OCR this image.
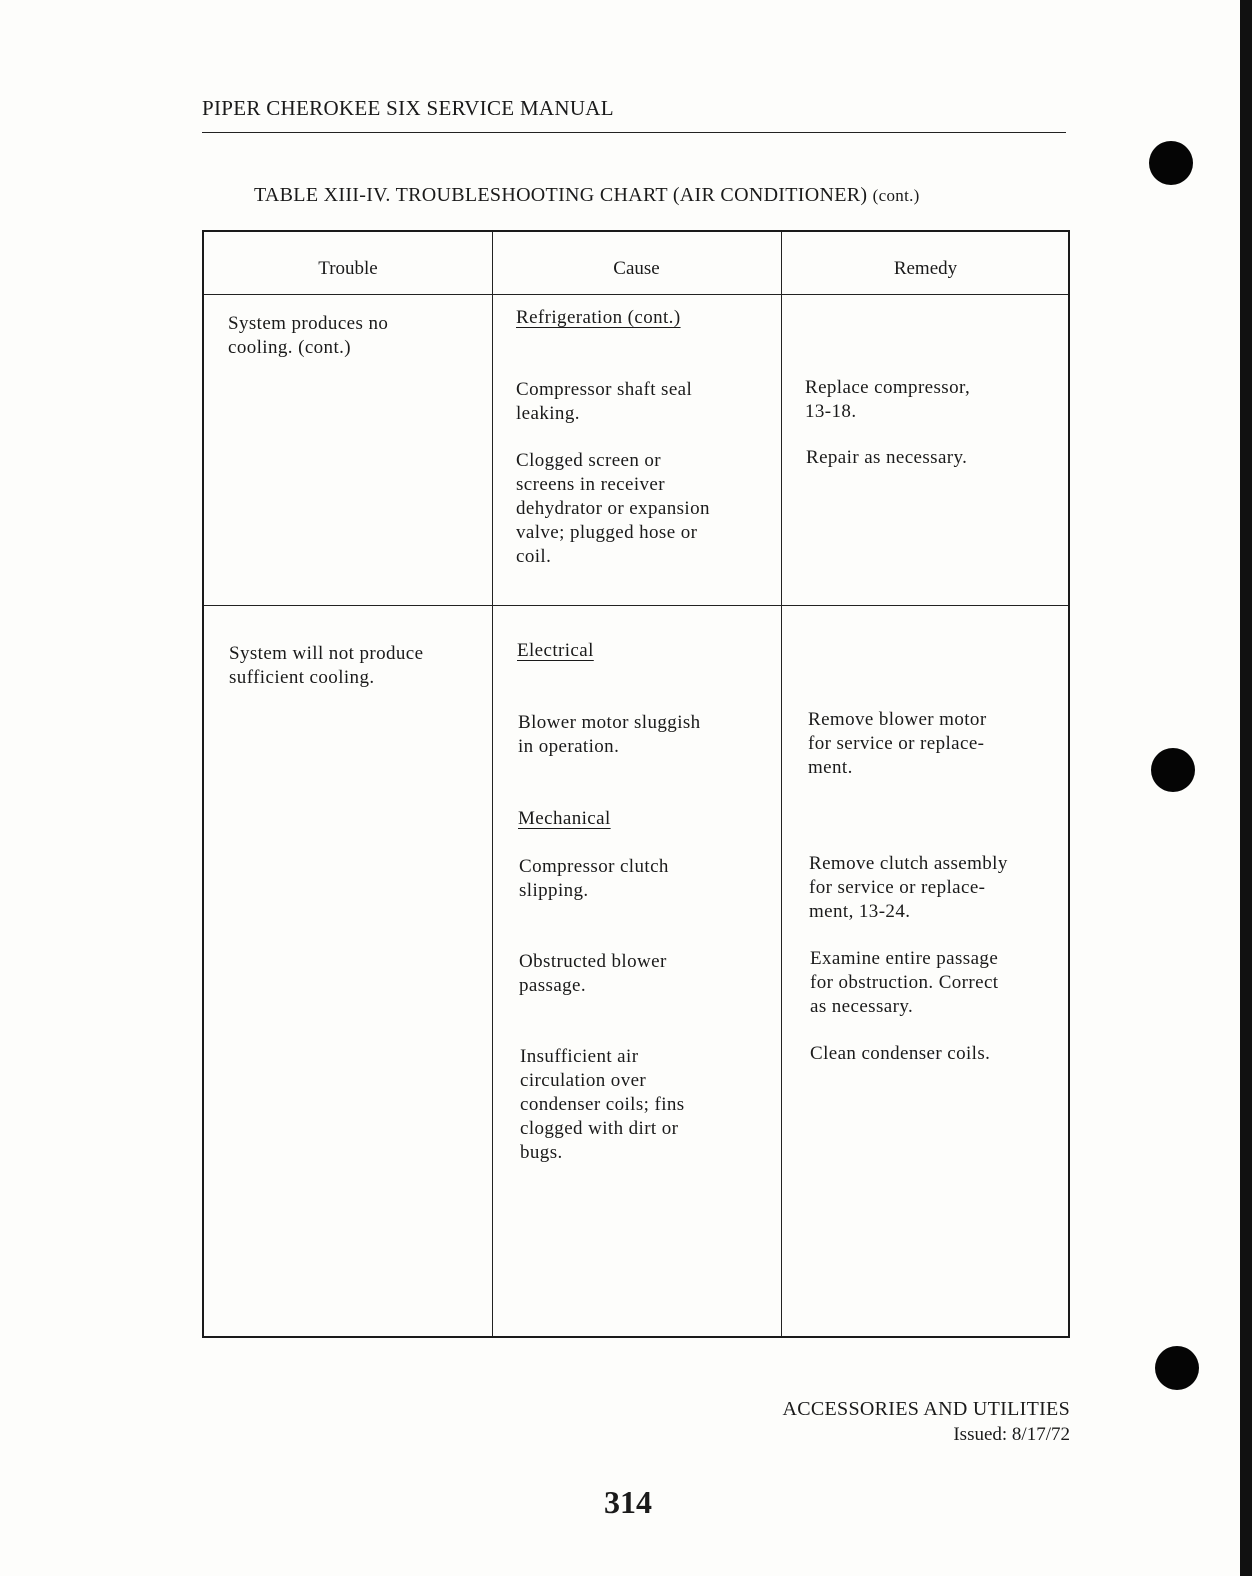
PIPER CHEROKEE SIX SERVICE MANUAL
TABLE XIII-IV. TROUBLESHOOTING CHART (AIR CONDITIONER) (cont.)
Trouble	Cause	Remedy
System produces no
cooling. (cont.)
Refrigeration (cont.)
Compressor shaft seal
leaking.
Replace compressor,
13-18.
Clogged screen or
screens in receiver
dehydrator or expansion
valve; plugged hose or
coil.
Repair as necessary.
System will not produce
sufficient cooling.
Electrical
Blower motor sluggish
in operation.
Remove blower motor
for service or replace-
ment.
Mechanical
Compressor clutch
slipping.
Remove clutch assembly
for service or replace-
ment, 13-24.
Obstructed blower
passage.
Examine entire passage
for obstruction. Correct
as necessary.
Insufficient air
circulation over
condenser coils; fins
clogged with dirt or
bugs.
Clean condenser coils.
ACCESSORIES AND UTILITIES
Issued: 8/17/72
314
